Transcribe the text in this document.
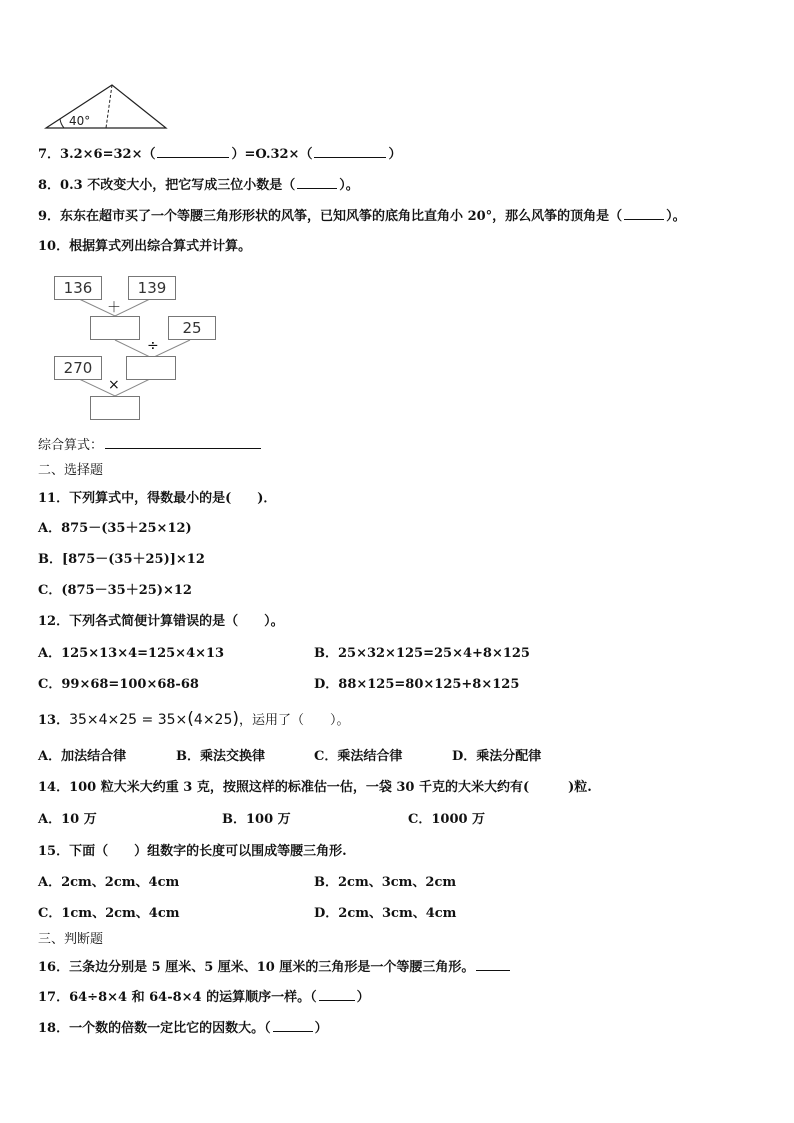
40°
7．3.2×6=32×（	）=O.32×（	）
8．0.3 不改变大小，把它写成三位小数是（	）。
9．东东在超市买了一个等腰三角形形状的风筝，已知风筝的底角比直角小 20°，那么风筝的顶角是（	）。
10．根据算式列出综合算式并计算。
136	139
＋
25
÷
270
×
综合算式：
二、选择题
11．下列算式中，得数最小的是(　　)．
A．875－(35＋25×12)
B．[875－(35＋25)]×12
C．(875－35＋25)×12
12．下列各式简便计算错误的是（　　）。
A．125×13×4=125×4×13	B．25×32×125=25×4+8×125
C．99×68=100×68-68	D．88×125=80×125+8×125
13．35×4×25 = 35×(4×25)，运用了（　　）。
A．加法结合律	B．乘法交换律	C．乘法结合律	D．乘法分配律
14．100 粒大米大约重 3 克，按照这样的标准估一估，一袋 30 千克的大米大约有(　　　)粒.
A．10 万	B．100 万	C．1000 万
15．下面（　　）组数字的长度可以围成等腰三角形.
A．2cm、2cm、4cm	B．2cm、3cm、2cm
C．1cm、2cm、4cm	D．2cm、3cm、4cm
三、判断题
16．三条边分别是 5 厘米、5 厘米、10 厘米的三角形是一个等腰三角形。
17．64÷8×4 和 64-8×4 的运算顺序一样。（	）
18．一个数的倍数一定比它的因数大。（	）
